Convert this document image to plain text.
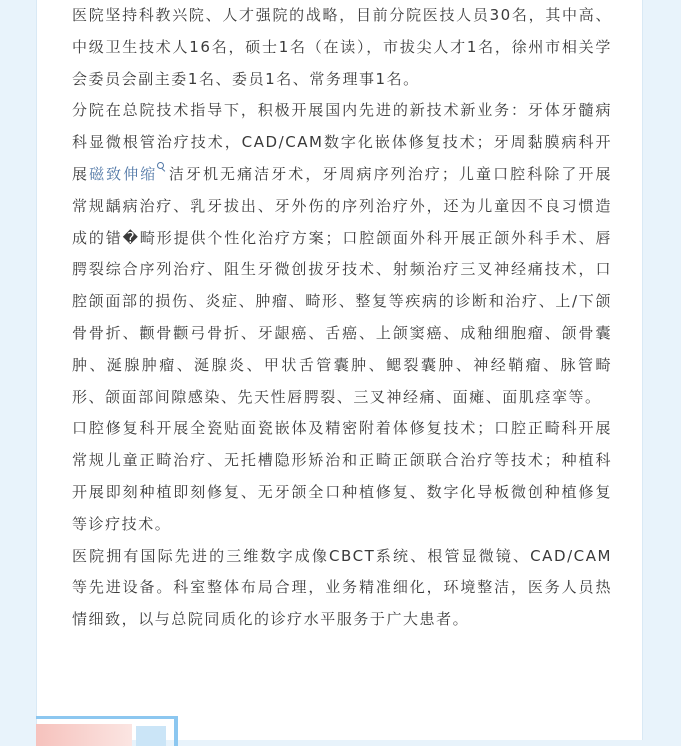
医院坚持科教兴院、人才强院的战略，目前分院医技人员30名，其中高、中级卫生技术人16名，硕士1名（在读），市拔尖人才1名，徐州市相关学会委员会副主委1名、委员1名、常务理事1名。

分院在总院技术指导下，积极开展国内先进的新技术新业务：牙体牙髓病科显微根管治疗技术，CAD/CAM数字化嵌体修复技术；牙周黏膜病科开展磁致伸缩 洁牙机无痛洁牙术，牙周病序列治疗；儿童口腔科除了开展常规龋病治疗、乳牙拔出、牙外伤的序列治疗外，还为儿童因不良习惯造成的错�畸形提供个性化治疗方案；口腔颌面外科开展正颌外科手术、唇腭裂综合序列治疗、阻生牙微创拔牙技术、射频治疗三叉神经痛技术，口腔颌面部的损伤、炎症、肿瘤、畸形、整复等疾病的诊断和治疗、上/下颌骨骨折、颧骨颧弓骨折、牙龈癌、舌癌、上颌窦癌、成釉细胞瘤、颌骨囊肿、涎腺肿瘤、涎腺炎、甲状舌管囊肿、鳃裂囊肿、神经鞘瘤、脉管畸形、颌面部间隙感染、先天性唇腭裂、三叉神经痛、面瘫、面肌痉挛等。

口腔修复科开展全瓷贴面瓷嵌体及精密附着体修复技术；口腔正畸科开展常规儿童正畸治疗、无托槽隐形矫治和正畸正颌联合治疗等技术；种植科开展即刻种植即刻修复、无牙颌全口种植修复、数字化导板微创种植修复等诊疗技术。

医院拥有国际先进的三维数字成像CBCT系统、根管显微镜、CAD/CAM等先进设备。科室整体布局合理，业务精准细化，环境整洁，医务人员热情细致，以与总院同质化的诊疗水平服务于广大患者。
